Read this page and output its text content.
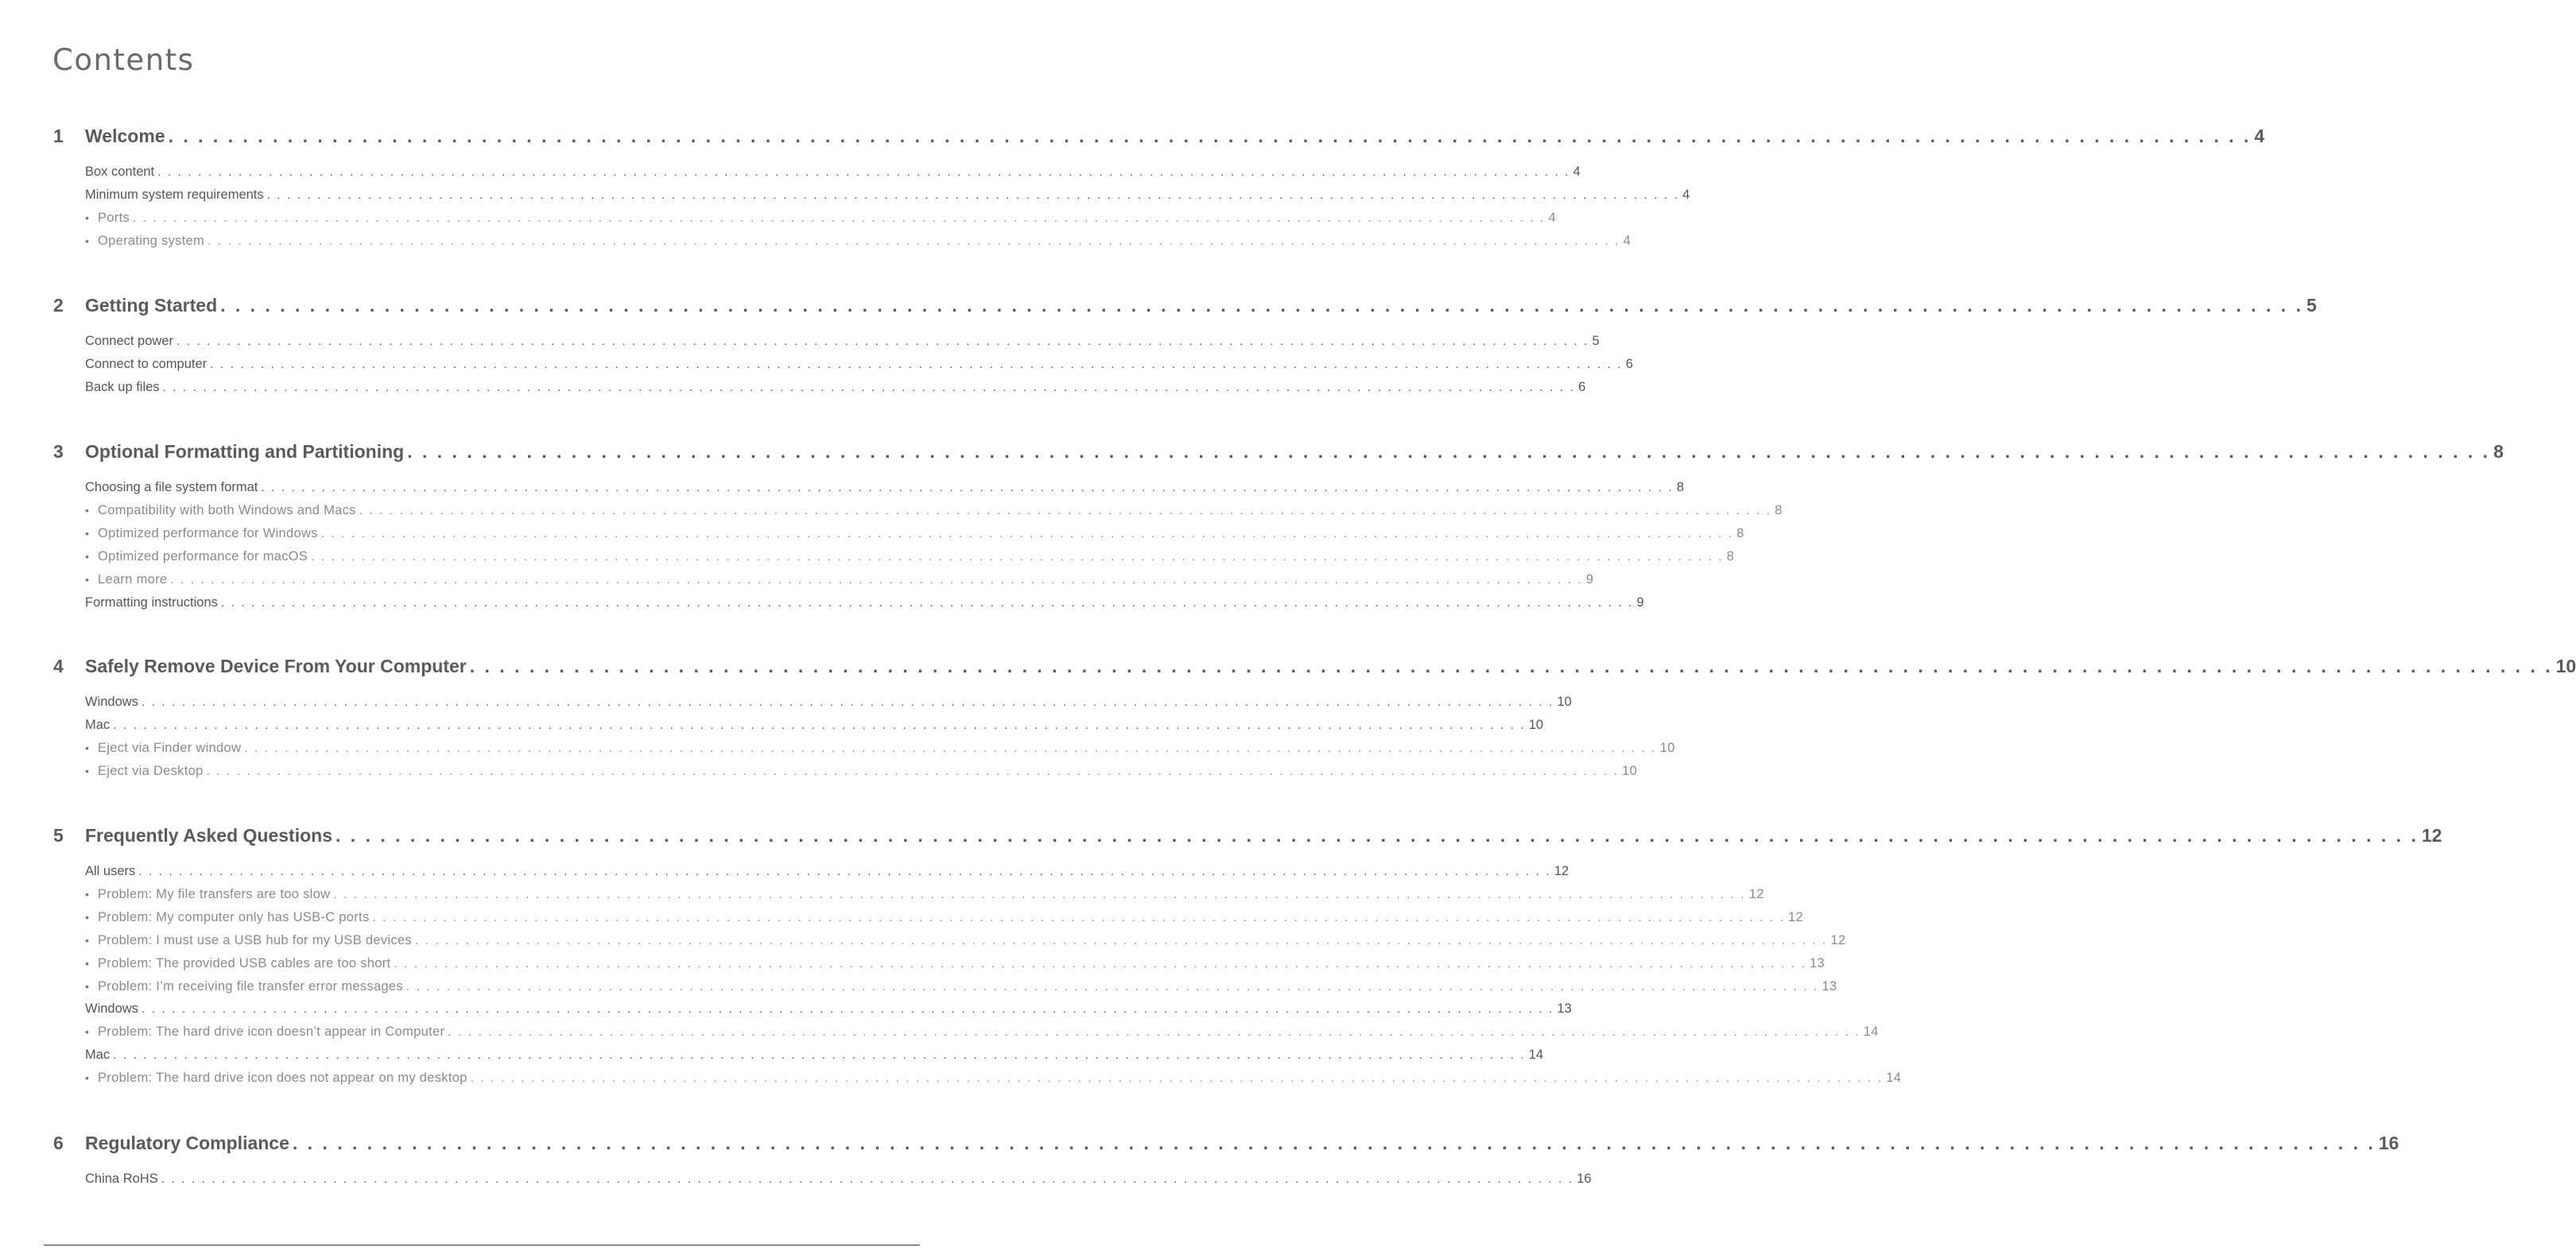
Contents
1 Welcome . . . . . . . . . . . . . . . . . . . . . . . . . . . . . . . . . . . . . . . . . . . . . . . . . . . . . . . . . . . . . . . . . . . . . . . . . . . . . . . . . . . . . . . . . . . . . . . . . . . . . . . . . . . . . . . . . . . . . . . . . . . . . . . . . . . . . . . . . . . . 4
Box content . . . . . . . . . . . . . . . . . . . . . . . . . . . . . . . . . . . . . . . . . . . . . . . . . . . . . . . . . . . . . . . . . . . . . . . . . . . . . . . . . . . . . . . . . . . . . . . . . . . . . . . . . . . . . . . . . . . . . . . . . . . . . . . . . . . . . . . . . . . . 4
Minimum system requirements . . . . . . . . . . . . . . . . . . . . . . . . . . . . . . . . . . . . . . . . . . . . . . . . . . . . . . . . . . . . . . . . . . . . . . . . . . . . . . . . . . . . . . . . . . . . . . . . . . . . . . . . . . . . . . . . . . . . . . . . . . . . . . . . . . . . . . . . . . . . 4
• Ports . . . . . . . . . . . . . . . . . . . . . . . . . . . . . . . . . . . . . . . . . . . . . . . . . . . . . . . . . . . . . . . . . . . . . . . . . . . . . . . . . . . . . . . . . . . . . . . . . . . . . . . . . . . . . . . . . . . . . . . . . . . . . . . . . . . . . . . . . . . . 4
• Operating system . . . . . . . . . . . . . . . . . . . . . . . . . . . . . . . . . . . . . . . . . . . . . . . . . . . . . . . . . . . . . . . . . . . . . . . . . . . . . . . . . . . . . . . . . . . . . . . . . . . . . . . . . . . . . . . . . . . . . . . . . . . . . . . . . . . . . . . . . . . . 4
2 Getting Started . . . . . . . . . . . . . . . . . . . . . . . . . . . . . . . . . . . . . . . . . . . . . . . . . . . . . . . . . . . . . . . . . . . . . . . . . . . . . . . . . . . . . . . . . . . . . . . . . . . . . . . . . . . . . . . . . . . . . . . . . . . . . . . . . . . . . . . . . . . . 5
Connect power . . . . . . . . . . . . . . . . . . . . . . . . . . . . . . . . . . . . . . . . . . . . . . . . . . . . . . . . . . . . . . . . . . . . . . . . . . . . . . . . . . . . . . . . . . . . . . . . . . . . . . . . . . . . . . . . . . . . . . . . . . . . . . . . . . . . . . . . . . . . 5
Connect to computer . . . . . . . . . . . . . . . . . . . . . . . . . . . . . . . . . . . . . . . . . . . . . . . . . . . . . . . . . . . . . . . . . . . . . . . . . . . . . . . . . . . . . . . . . . . . . . . . . . . . . . . . . . . . . . . . . . . . . . . . . . . . . . . . . . . . . . . . . . . . 6
Back up files . . . . . . . . . . . . . . . . . . . . . . . . . . . . . . . . . . . . . . . . . . . . . . . . . . . . . . . . . . . . . . . . . . . . . . . . . . . . . . . . . . . . . . . . . . . . . . . . . . . . . . . . . . . . . . . . . . . . . . . . . . . . . . . . . . . . . . . . . . . . 6
3 Optional Formatting and Partitioning . . . . . . . . . . . . . . . . . . . . . . . . . . . . . . . . . . . . . . . . . . . . . . . . . . . . . . . . . . . . . . . . . . . . . . . . . . . . . . . . . . . . . . . . . . . . . . . . . . . . . . . . . . . . . . . . . . . . . . . . . . . . . . . . . . . . . . . . . . . . 8
Choosing a file system format . . . . . . . . . . . . . . . . . . . . . . . . . . . . . . . . . . . . . . . . . . . . . . . . . . . . . . . . . . . . . . . . . . . . . . . . . . . . . . . . . . . . . . . . . . . . . . . . . . . . . . . . . . . . . . . . . . . . . . . . . . . . . . . . . . . . . . . . . . . . 8
• Compatibility with both Windows and Macs . . . . . . . . . . . . . . . . . . . . . . . . . . . . . . . . . . . . . . . . . . . . . . . . . . . . . . . . . . . . . . . . . . . . . . . . . . . . . . . . . . . . . . . . . . . . . . . . . . . . . . . . . . . . . . . . . . . . . . . . . . . . . . . . . . . . . . . . . . . . 8
• Optimized performance for Windows . . . . . . . . . . . . . . . . . . . . . . . . . . . . . . . . . . . . . . . . . . . . . . . . . . . . . . . . . . . . . . . . . . . . . . . . . . . . . . . . . . . . . . . . . . . . . . . . . . . . . . . . . . . . . . . . . . . . . . . . . . . . . . . . . . . . . . . . . . . . 8
• Optimized performance for macOS . . . . . . . . . . . . . . . . . . . . . . . . . . . . . . . . . . . . . . . . . . . . . . . . . . . . . . . . . . . . . . . . . . . . . . . . . . . . . . . . . . . . . . . . . . . . . . . . . . . . . . . . . . . . . . . . . . . . . . . . . . . . . . . . . . . . . . . . . . . . 8
• Learn more . . . . . . . . . . . . . . . . . . . . . . . . . . . . . . . . . . . . . . . . . . . . . . . . . . . . . . . . . . . . . . . . . . . . . . . . . . . . . . . . . . . . . . . . . . . . . . . . . . . . . . . . . . . . . . . . . . . . . . . . . . . . . . . . . . . . . . . . . . . . 9
Formatting instructions . . . . . . . . . . . . . . . . . . . . . . . . . . . . . . . . . . . . . . . . . . . . . . . . . . . . . . . . . . . . . . . . . . . . . . . . . . . . . . . . . . . . . . . . . . . . . . . . . . . . . . . . . . . . . . . . . . . . . . . . . . . . . . . . . . . . . . . . . . . . 9
4 Safely Remove Device From Your Computer . . . . . . . . . . . . . . . . . . . . . . . . . . . . . . . . . . . . . . . . . . . . . . . . . . . . . . . . . . . . . . . . . . . . . . . . . . . . . . . . . . . . . . . . . . . . . . . . . . . . . . . . . . . . . . . . . . . . . . . . . . . . . . . . . . . . . . . . . . . . 10
Windows . . . . . . . . . . . . . . . . . . . . . . . . . . . . . . . . . . . . . . . . . . . . . . . . . . . . . . . . . . . . . . . . . . . . . . . . . . . . . . . . . . . . . . . . . . . . . . . . . . . . . . . . . . . . . . . . . . . . . . . . . . . . . . . . . . . . . . . . . . . . 10
Mac . . . . . . . . . . . . . . . . . . . . . . . . . . . . . . . . . . . . . . . . . . . . . . . . . . . . . . . . . . . . . . . . . . . . . . . . . . . . . . . . . . . . . . . . . . . . . . . . . . . . . . . . . . . . . . . . . . . . . . . . . . . . . . . . . . . . . . . . . . . . 10
• Eject via Finder window . . . . . . . . . . . . . . . . . . . . . . . . . . . . . . . . . . . . . . . . . . . . . . . . . . . . . . . . . . . . . . . . . . . . . . . . . . . . . . . . . . . . . . . . . . . . . . . . . . . . . . . . . . . . . . . . . . . . . . . . . . . . . . . . . . . . . . . . . . . . 10
• Eject via Desktop . . . . . . . . . . . . . . . . . . . . . . . . . . . . . . . . . . . . . . . . . . . . . . . . . . . . . . . . . . . . . . . . . . . . . . . . . . . . . . . . . . . . . . . . . . . . . . . . . . . . . . . . . . . . . . . . . . . . . . . . . . . . . . . . . . . . . . . . . . . . 10
5 Frequently Asked Questions . . . . . . . . . . . . . . . . . . . . . . . . . . . . . . . . . . . . . . . . . . . . . . . . . . . . . . . . . . . . . . . . . . . . . . . . . . . . . . . . . . . . . . . . . . . . . . . . . . . . . . . . . . . . . . . . . . . . . . . . . . . . . . . . . . . . . . . . . . . . 12
All users . . . . . . . . . . . . . . . . . . . . . . . . . . . . . . . . . . . . . . . . . . . . . . . . . . . . . . . . . . . . . . . . . . . . . . . . . . . . . . . . . . . . . . . . . . . . . . . . . . . . . . . . . . . . . . . . . . . . . . . . . . . . . . . . . . . . . . . . . . . . 12
• Problem: My file transfers are too slow . . . . . . . . . . . . . . . . . . . . . . . . . . . . . . . . . . . . . . . . . . . . . . . . . . . . . . . . . . . . . . . . . . . . . . . . . . . . . . . . . . . . . . . . . . . . . . . . . . . . . . . . . . . . . . . . . . . . . . . . . . . . . . . . . . . . . . . . . . . . 12
• Problem: My computer only has USB-C ports . . . . . . . . . . . . . . . . . . . . . . . . . . . . . . . . . . . . . . . . . . . . . . . . . . . . . . . . . . . . . . . . . . . . . . . . . . . . . . . . . . . . . . . . . . . . . . . . . . . . . . . . . . . . . . . . . . . . . . . . . . . . . . . . . . . . . . . . . . . . 12
• Problem: I must use a USB hub for my USB devices . . . . . . . . . . . . . . . . . . . . . . . . . . . . . . . . . . . . . . . . . . . . . . . . . . . . . . . . . . . . . . . . . . . . . . . . . . . . . . . . . . . . . . . . . . . . . . . . . . . . . . . . . . . . . . . . . . . . . . . . . . . . . . . . . . . . . . . . . . . . 12
• Problem: The provided USB cables are too short . . . . . . . . . . . . . . . . . . . . . . . . . . . . . . . . . . . . . . . . . . . . . . . . . . . . . . . . . . . . . . . . . . . . . . . . . . . . . . . . . . . . . . . . . . . . . . . . . . . . . . . . . . . . . . . . . . . . . . . . . . . . . . . . . . . . . . . . . . . . 13
• Problem: I’m receiving file transfer error messages . . . . . . . . . . . . . . . . . . . . . . . . . . . . . . . . . . . . . . . . . . . . . . . . . . . . . . . . . . . . . . . . . . . . . . . . . . . . . . . . . . . . . . . . . . . . . . . . . . . . . . . . . . . . . . . . . . . . . . . . . . . . . . . . . . . . . . . . . . . . 13
Windows . . . . . . . . . . . . . . . . . . . . . . . . . . . . . . . . . . . . . . . . . . . . . . . . . . . . . . . . . . . . . . . . . . . . . . . . . . . . . . . . . . . . . . . . . . . . . . . . . . . . . . . . . . . . . . . . . . . . . . . . . . . . . . . . . . . . . . . . . . . . 13
• Problem: The hard drive icon doesn’t appear in Computer . . . . . . . . . . . . . . . . . . . . . . . . . . . . . . . . . . . . . . . . . . . . . . . . . . . . . . . . . . . . . . . . . . . . . . . . . . . . . . . . . . . . . . . . . . . . . . . . . . . . . . . . . . . . . . . . . . . . . . . . . . . . . . . . . . . . . . . . . . . . 14
Mac . . . . . . . . . . . . . . . . . . . . . . . . . . . . . . . . . . . . . . . . . . . . . . . . . . . . . . . . . . . . . . . . . . . . . . . . . . . . . . . . . . . . . . . . . . . . . . . . . . . . . . . . . . . . . . . . . . . . . . . . . . . . . . . . . . . . . . . . . . . . 14
• Problem: The hard drive icon does not appear on my desktop . . . . . . . . . . . . . . . . . . . . . . . . . . . . . . . . . . . . . . . . . . . . . . . . . . . . . . . . . . . . . . . . . . . . . . . . . . . . . . . . . . . . . . . . . . . . . . . . . . . . . . . . . . . . . . . . . . . . . . . . . . . . . . . . . . . . . . . . . . . . 14
6 Regulatory Compliance . . . . . . . . . . . . . . . . . . . . . . . . . . . . . . . . . . . . . . . . . . . . . . . . . . . . . . . . . . . . . . . . . . . . . . . . . . . . . . . . . . . . . . . . . . . . . . . . . . . . . . . . . . . . . . . . . . . . . . . . . . . . . . . . . . . . . . . . . . . . 16
China RoHS . . . . . . . . . . . . . . . . . . . . . . . . . . . . . . . . . . . . . . . . . . . . . . . . . . . . . . . . . . . . . . . . . . . . . . . . . . . . . . . . . . . . . . . . . . . . . . . . . . . . . . . . . . . . . . . . . . . . . . . . . . . . . . . . . . . . . . . . . . . . 16
